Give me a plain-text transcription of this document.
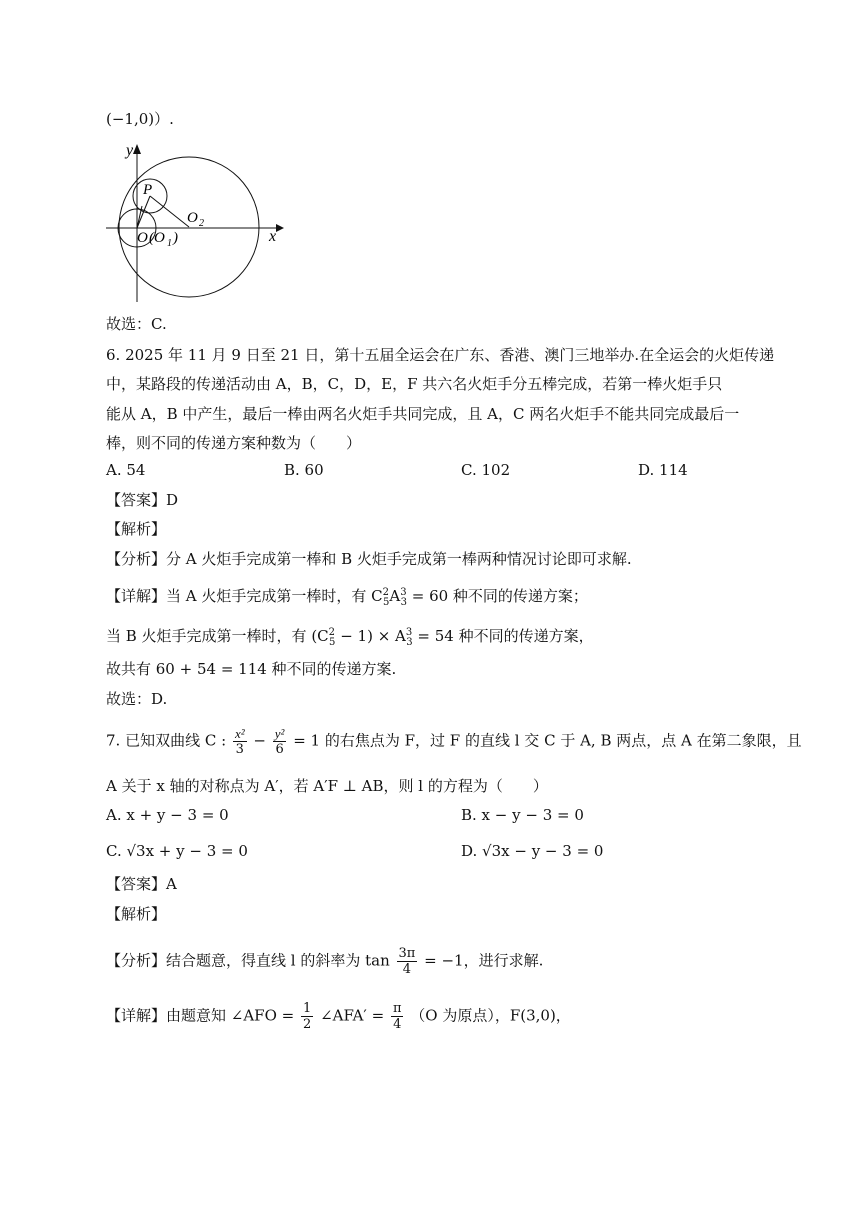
(−1,0)）.
y
x
P
O 2
O (O 1 )
故选：C.
6. 2025 年 11 月 9 日至 21 日，第十五届全运会在广东、香港、澳门三地举办.在全运会的火炬传递
中，某路段的传递活动由 A，B，C，D，E，F 共六名火炬手分五棒完成，若第一棒火炬手只
能从 A，B 中产生，最后一棒由两名火炬手共同完成，且 A，C 两名火炬手不能共同完成最后一
棒，则不同的传递方案种数为（　　）
A. 54	B. 60	C. 102	D. 114
【答案】D
【解析】
【分析】分 A 火炬手完成第一棒和 B 火炬手完成第一棒两种情况讨论即可求解.
【详解】当 A 火炬手完成第一棒时，有 $C^2_5A^3_3 = 60$ 种不同的传递方案；
当 B 火炬手完成第一棒时，有 $(C^2_5 - 1) \times A^3_3 = 54$ 种不同的传递方案，
故共有 60 + 54 = 114 种不同的传递方案.
故选：D.
7. 已知双曲线 C : $\frac{\text{x²}}{3} - \frac{\text{y²}}{6} = 1$ 的右焦点为 F，过 F 的直线 l 交 C 于 A, B 两点，点 A 在第二象限，且
A 关于 x 轴的对称点为 A′，若 A′F ⊥ AB，则 l 的方程为（　　）
A. x + y − 3 = 0	B. x − y − 3 = 0
C. √3x + y − 3 = 0	D. √3x − y − 3 = 0
【答案】A
【解析】
【分析】结合题意，得直线 l 的斜率为 $\tan \frac{3\pi}{4} = -1$，进行求解.
【详解】由题意知 ∠AFO = $\frac{1}{2}$ ∠AFA′ = $\frac{\pi}{4} (O$ 为原点），F(3,0)，
